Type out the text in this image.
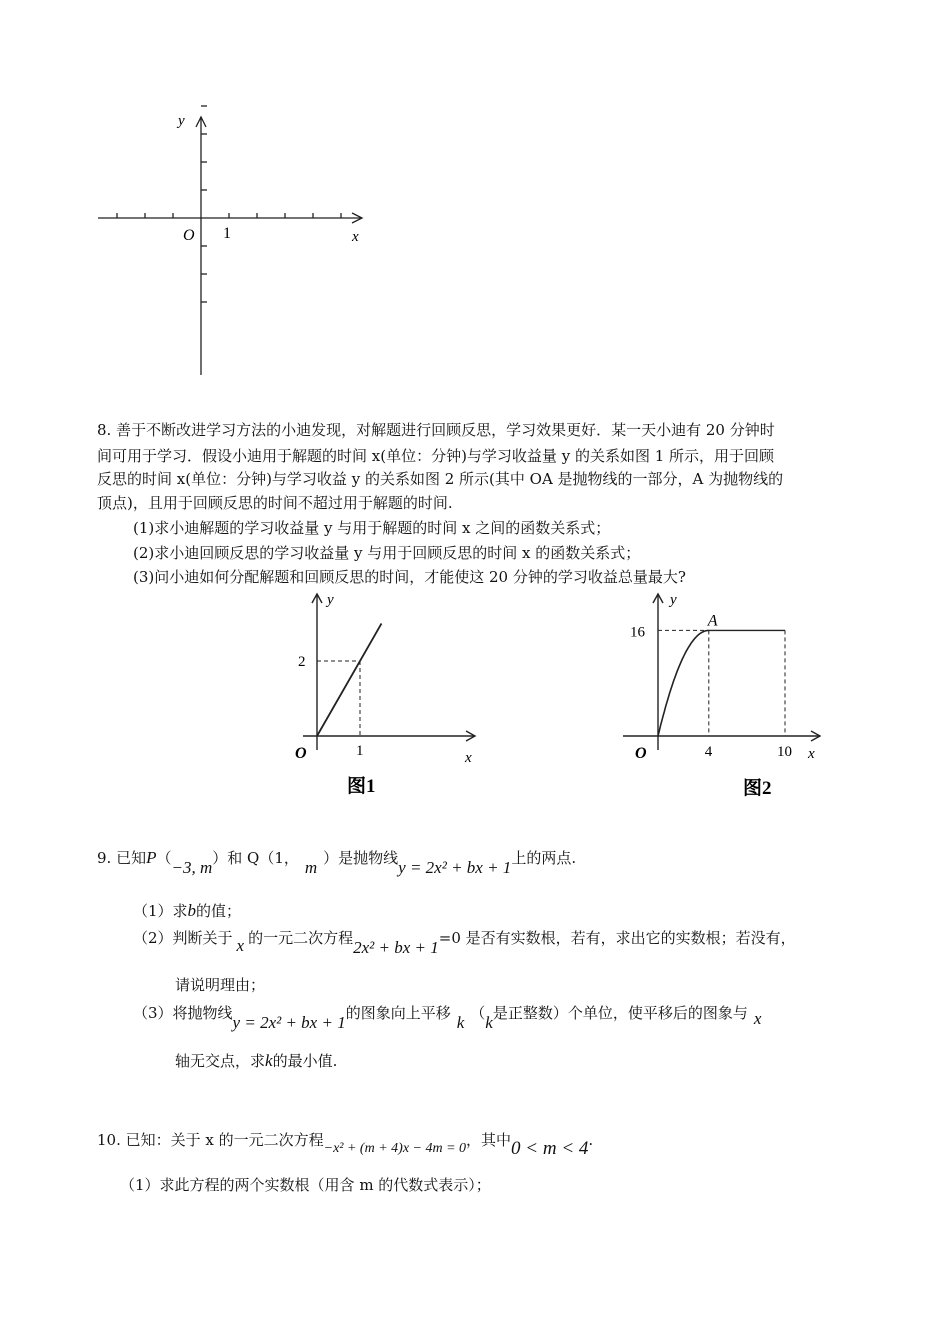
y
x
O 1
8. 善于不断改进学习方法的小迪发现，对解题进行回顾反思，学习效果更好．某一天小迪有 20 分钟时
间可用于学习．假设小迪用于解题的时间 x(单位：分钟)与学习收益量 y 的关系如图 1 所示，用于回顾
反思的时间 x(单位：分钟)与学习收益 y 的关系如图 2 所示(其中 OA 是抛物线的一部分，A 为抛物线的
顶点)，且用于回顾反思的时间不超过用于解题的时间.
(1)求小迪解题的学习收益量 y 与用于解题的时间 x 之间的函数关系式；
(2)求小迪回顾反思的学习收益量 y 与用于回顾反思的时间 x 的函数关系式；
(3)问小迪如何分配解题和回顾反思的时间，才能使这 20 分钟的学习收益总量最大?
y
x
O	1
2
图1
y
x
O	4	10
16
A
图2
9. 已知P（−3, m）和 Q（1， m ）是抛物线y = 2x² + bx + 1上的两点.
（1）求b的值；
（2）判断关于 x 的一元二次方程2x² + bx + 1=0 是否有实数根，若有，求出它的实数根；若没有，
请说明理由；
（3）将抛物线y = 2x² + bx + 1的图象向上平移 k （k是正整数）个单位，使平移后的图象与 x
轴无交点，求k的最小值.
10. 已知：关于 x 的一元二次方程−x² + (m + 4)x − 4m = 0，其中0 < m < 4.
（1）求此方程的两个实数根（用含 m 的代数式表示）；
